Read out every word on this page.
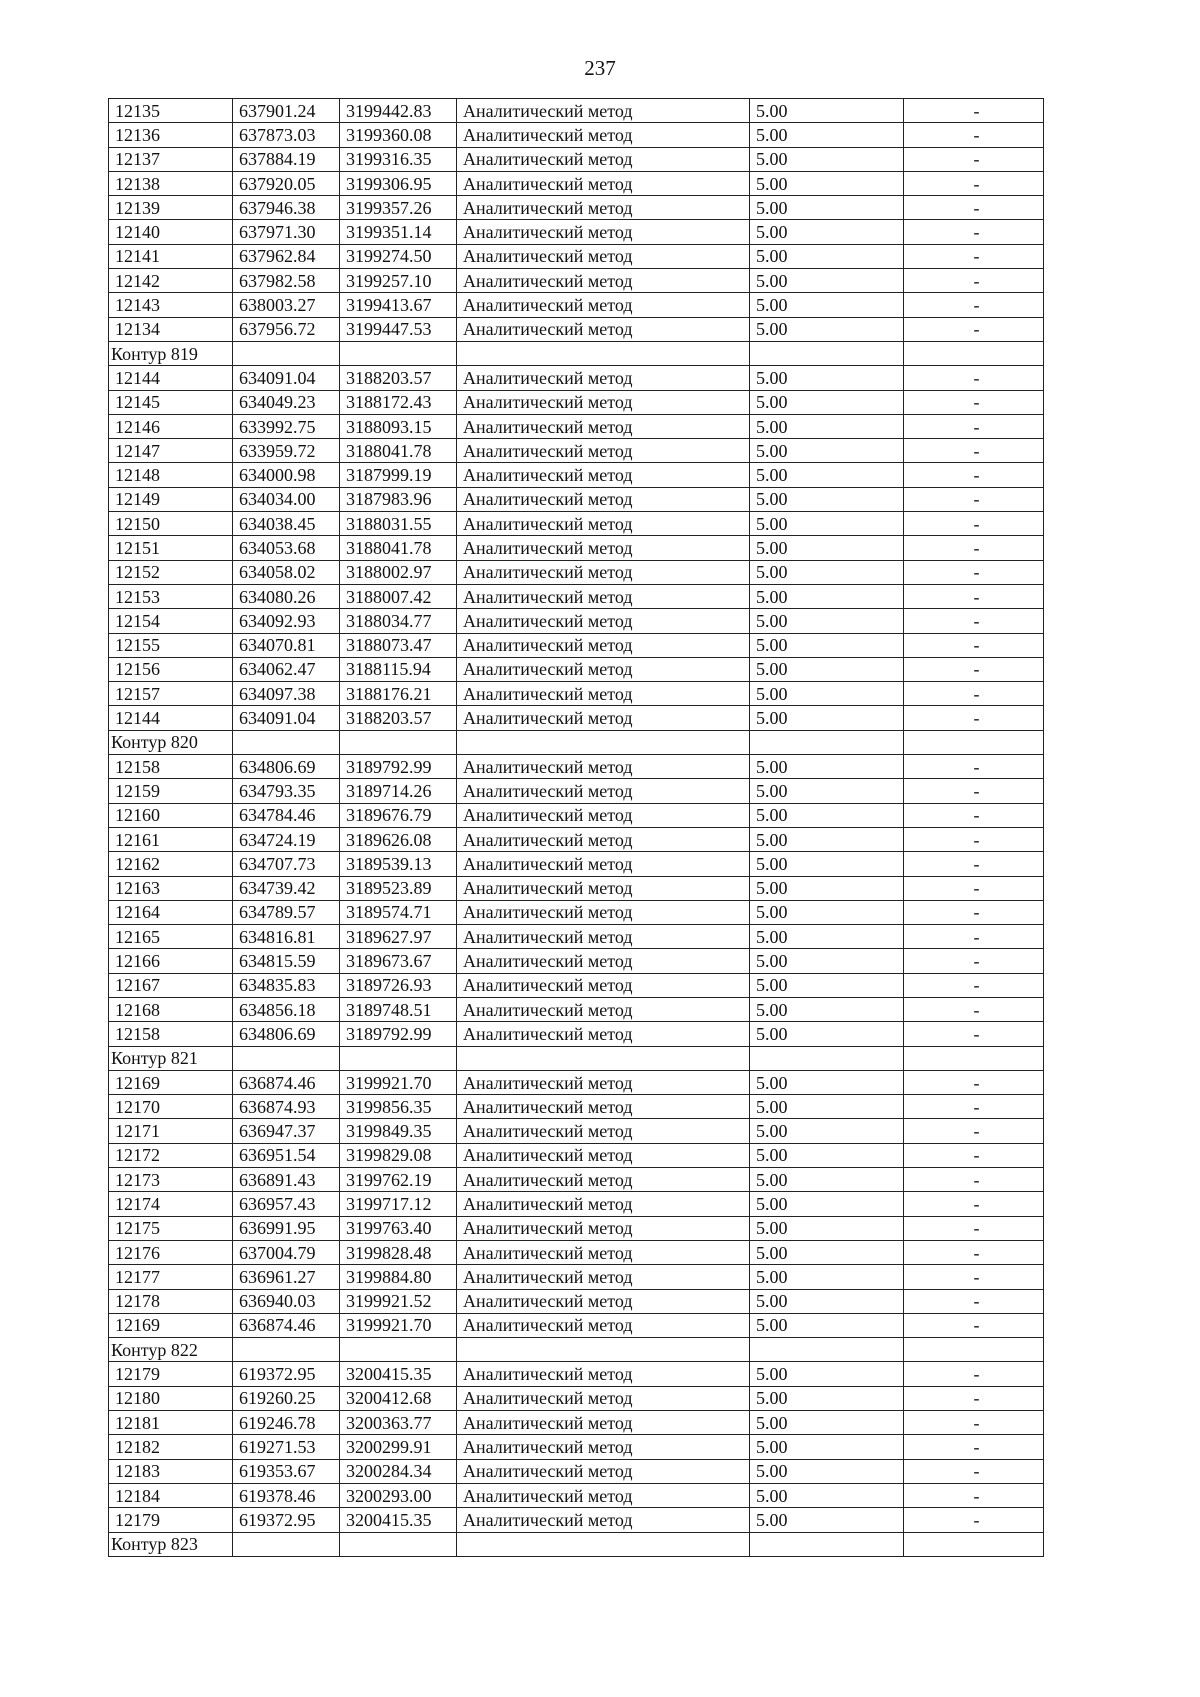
237
12135	637901.24	3199442.83	Аналитический метод	5.00	-
12136	637873.03	3199360.08	Аналитический метод	5.00	-
12137	637884.19	3199316.35	Аналитический метод	5.00	-
12138	637920.05	3199306.95	Аналитический метод	5.00	-
12139	637946.38	3199357.26	Аналитический метод	5.00	-
12140	637971.30	3199351.14	Аналитический метод	5.00	-
12141	637962.84	3199274.50	Аналитический метод	5.00	-
12142	637982.58	3199257.10	Аналитический метод	5.00	-
12143	638003.27	3199413.67	Аналитический метод	5.00	-
12134	637956.72	3199447.53	Аналитический метод	5.00	-
Контур 819					
12144	634091.04	3188203.57	Аналитический метод	5.00	-
12145	634049.23	3188172.43	Аналитический метод	5.00	-
12146	633992.75	3188093.15	Аналитический метод	5.00	-
12147	633959.72	3188041.78	Аналитический метод	5.00	-
12148	634000.98	3187999.19	Аналитический метод	5.00	-
12149	634034.00	3187983.96	Аналитический метод	5.00	-
12150	634038.45	3188031.55	Аналитический метод	5.00	-
12151	634053.68	3188041.78	Аналитический метод	5.00	-
12152	634058.02	3188002.97	Аналитический метод	5.00	-
12153	634080.26	3188007.42	Аналитический метод	5.00	-
12154	634092.93	3188034.77	Аналитический метод	5.00	-
12155	634070.81	3188073.47	Аналитический метод	5.00	-
12156	634062.47	3188115.94	Аналитический метод	5.00	-
12157	634097.38	3188176.21	Аналитический метод	5.00	-
12144	634091.04	3188203.57	Аналитический метод	5.00	-
Контур 820					
12158	634806.69	3189792.99	Аналитический метод	5.00	-
12159	634793.35	3189714.26	Аналитический метод	5.00	-
12160	634784.46	3189676.79	Аналитический метод	5.00	-
12161	634724.19	3189626.08	Аналитический метод	5.00	-
12162	634707.73	3189539.13	Аналитический метод	5.00	-
12163	634739.42	3189523.89	Аналитический метод	5.00	-
12164	634789.57	3189574.71	Аналитический метод	5.00	-
12165	634816.81	3189627.97	Аналитический метод	5.00	-
12166	634815.59	3189673.67	Аналитический метод	5.00	-
12167	634835.83	3189726.93	Аналитический метод	5.00	-
12168	634856.18	3189748.51	Аналитический метод	5.00	-
12158	634806.69	3189792.99	Аналитический метод	5.00	-
Контур 821					
12169	636874.46	3199921.70	Аналитический метод	5.00	-
12170	636874.93	3199856.35	Аналитический метод	5.00	-
12171	636947.37	3199849.35	Аналитический метод	5.00	-
12172	636951.54	3199829.08	Аналитический метод	5.00	-
12173	636891.43	3199762.19	Аналитический метод	5.00	-
12174	636957.43	3199717.12	Аналитический метод	5.00	-
12175	636991.95	3199763.40	Аналитический метод	5.00	-
12176	637004.79	3199828.48	Аналитический метод	5.00	-
12177	636961.27	3199884.80	Аналитический метод	5.00	-
12178	636940.03	3199921.52	Аналитический метод	5.00	-
12169	636874.46	3199921.70	Аналитический метод	5.00	-
Контур 822					
12179	619372.95	3200415.35	Аналитический метод	5.00	-
12180	619260.25	3200412.68	Аналитический метод	5.00	-
12181	619246.78	3200363.77	Аналитический метод	5.00	-
12182	619271.53	3200299.91	Аналитический метод	5.00	-
12183	619353.67	3200284.34	Аналитический метод	5.00	-
12184	619378.46	3200293.00	Аналитический метод	5.00	-
12179	619372.95	3200415.35	Аналитический метод	5.00	-
Контур 823					
